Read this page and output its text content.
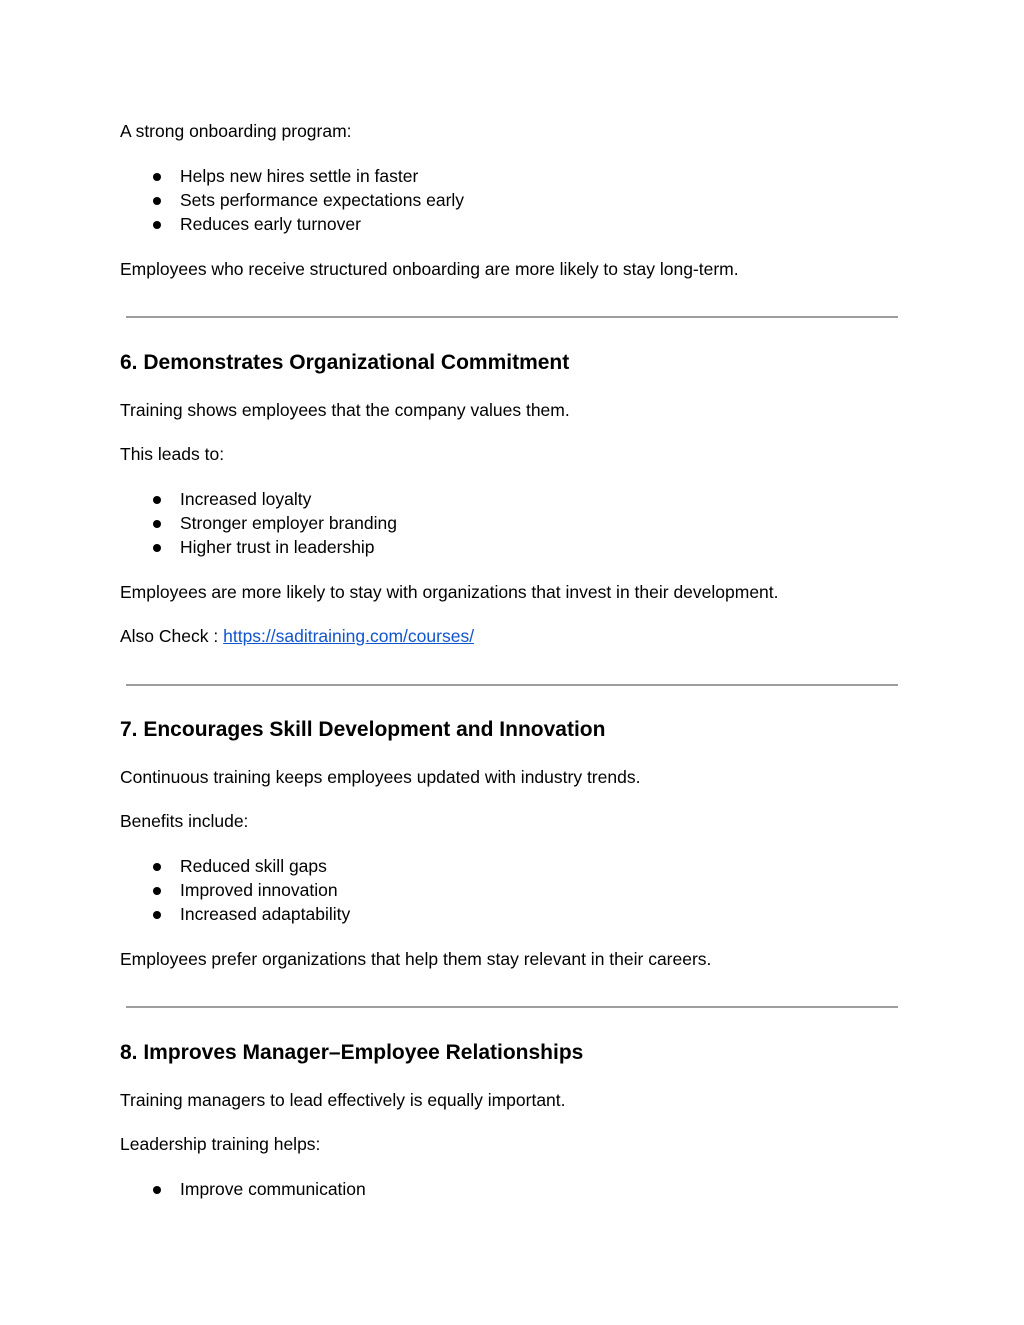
A strong onboarding program:
Helps new hires settle in faster
Sets performance expectations early
Reduces early turnover
Employees who receive structured onboarding are more likely to stay long-term.
6. Demonstrates Organizational Commitment
Training shows employees that the company values them.
This leads to:
Increased loyalty
Stronger employer branding
Higher trust in leadership
Employees are more likely to stay with organizations that invest in their development.
Also Check : https://saditraining.com/courses/
7. Encourages Skill Development and Innovation
Continuous training keeps employees updated with industry trends.
Benefits include:
Reduced skill gaps
Improved innovation
Increased adaptability
Employees prefer organizations that help them stay relevant in their careers.
8. Improves Manager–Employee Relationships
Training managers to lead effectively is equally important.
Leadership training helps:
Improve communication
